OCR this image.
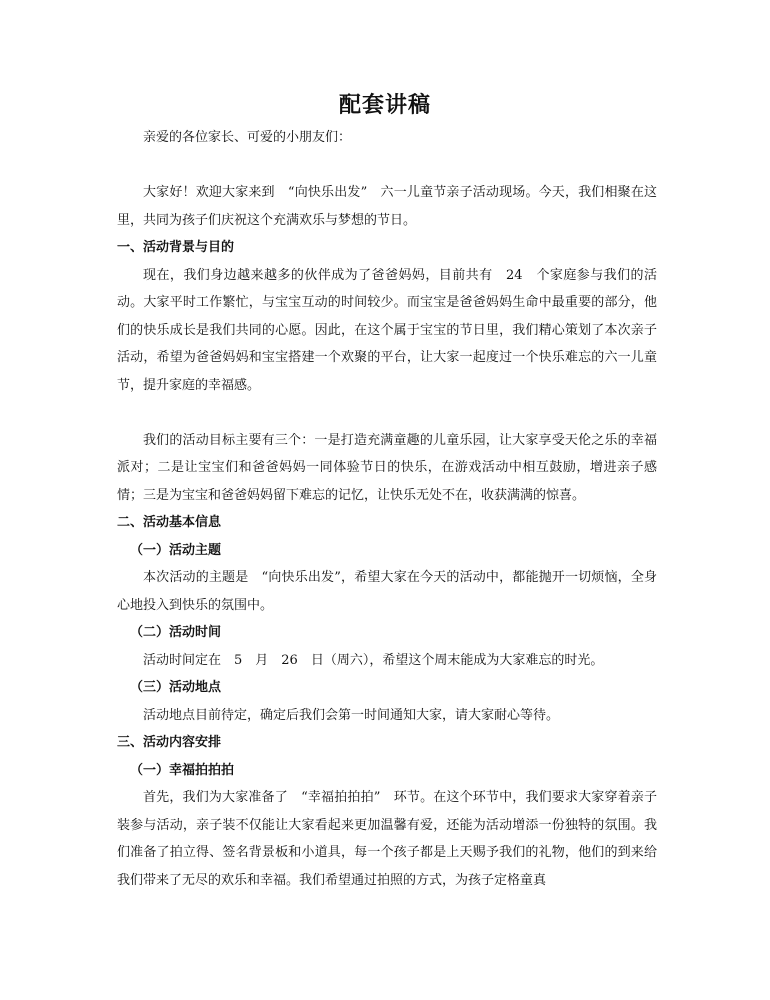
配套讲稿

亲爱的各位家长、可爱的小朋友们：

大家好！欢迎大家来到　“向快乐出发”　六一儿童节亲子活动现场。今天，我们相聚在这里，共同为孩子们庆祝这个充满欢乐与梦想的节日。

一、活动背景与目的

现在，我们身边越来越多的伙伴成为了爸爸妈妈，目前共有　24　个家庭参与我们的活动。大家平时工作繁忙，与宝宝互动的时间较少。而宝宝是爸爸妈妈生命中最重要的部分，他们的快乐成长是我们共同的心愿。因此，在这个属于宝宝的节日里，我们精心策划了本次亲子活动，希望为爸爸妈妈和宝宝搭建一个欢聚的平台，让大家一起度过一个快乐难忘的六一儿童节，提升家庭的幸福感。

我们的活动目标主要有三个：一是打造充满童趣的儿童乐园，让大家享受天伦之乐的幸福派对；二是让宝宝们和爸爸妈妈一同体验节日的快乐，在游戏活动中相互鼓励，增进亲子感情；三是为宝宝和爸爸妈妈留下难忘的记忆，让快乐无处不在，收获满满的惊喜。

二、活动基本信息
（一）活动主题

本次活动的主题是　“向快乐出发”，希望大家在今天的活动中，都能抛开一切烦恼，全身心地投入到快乐的氛围中。

（二）活动时间

活动时间定在　5　月　26　日（周六），希望这个周末能成为大家难忘的时光。

（三）活动地点

活动地点目前待定，确定后我们会第一时间通知大家，请大家耐心等待。

三、活动内容安排
（一）幸福拍拍拍

首先，我们为大家准备了　“幸福拍拍拍”　环节。在这个环节中，我们要求大家穿着亲子装参与活动，亲子装不仅能让大家看起来更加温馨有爱，还能为活动增添一份独特的氛围。我们准备了拍立得、签名背景板和小道具，每一个孩子都是上天赐予我们的礼物，他们的到来给我们带来了无尽的欢乐和幸福。我们希望通过拍照的方式，为孩子定格童真
